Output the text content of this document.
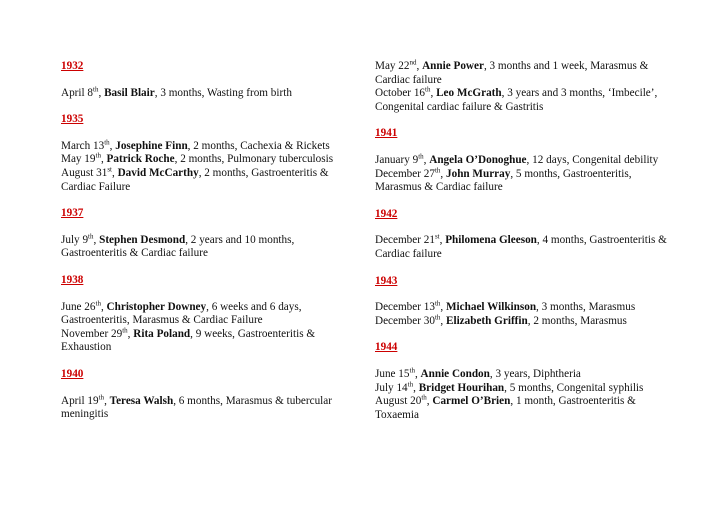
1932

April 8th, Basil Blair, 3 months, Wasting from birth

1935

March 13th, Josephine Finn, 2 months, Cachexia & Rickets

May 19th, Patrick Roche, 2 months, Pulmonary tuberculosis

August 31st, David McCarthy, 2 months, Gastroenteritis & Cardiac Failure

1937

July 9th, Stephen Desmond, 2 years and 10 months, Gastroenteritis & Cardiac failure

1938

June 26th, Christopher Downey, 6 weeks and 6 days, Gastroenteritis, Marasmus & Cardiac Failure

November 29th, Rita Poland, 9 weeks, Gastroenteritis & Exhaustion

1940

April 19th, Teresa Walsh, 6 months, Marasmus & tubercular meningitis

May 22nd, Annie Power, 3 months and 1 week, Marasmus & Cardiac failure

October 16th, Leo McGrath, 3 years and 3 months, ‘Imbecile’, Congenital cardiac failure & Gastritis

1941

January 9th, Angela O’Donoghue, 12 days, Congenital debility

December 27th, John Murray, 5 months, Gastroenteritis, Marasmus & Cardiac failure

1942

December 21st, Philomena Gleeson, 4 months, Gastroenteritis & Cardiac failure

1943

December 13th, Michael Wilkinson, 3 months, Marasmus

December 30th, Elizabeth Griffin, 2 months, Marasmus

1944

June 15th, Annie Condon, 3 years, Diphtheria

July 14th, Bridget Hourihan, 5 months, Congenital syphilis

August 20th, Carmel O’Brien, 1 month, Gastroenteritis & Toxaemia
